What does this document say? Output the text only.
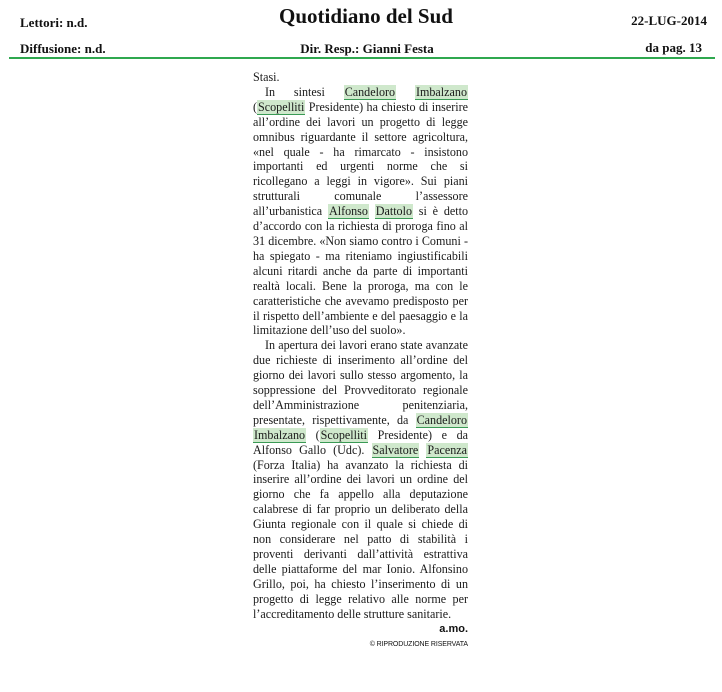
Lettori: n.d.
Diffusione: n.d.
Quotidiano del Sud
Dir. Resp.: Gianni Festa
22-LUG-2014
da pag. 13

Stasi.

In sintesi Candeloro Imbalzano (Scopelliti Presidente) ha chiesto di inserire all’ordine dei lavori un progetto di legge omnibus riguardante il settore agricoltura, «nel quale - ha rimarcato - insistono importanti ed urgenti norme che si ricollegano a leggi in vigore». Sui piani strutturali comunale l’assessore all’urbanistica Alfonso Dattolo si è detto d’accordo con la richiesta di proroga fino al 31 dicembre. «Non siamo contro i Comuni - ha spiegato - ma riteniamo ingiustificabili alcuni ritardi anche da parte di importanti realtà locali. Bene la proroga, ma con le caratteristiche che avevamo predisposto per il rispetto dell’ambiente e del paesaggio e la limitazione dell’uso del suolo».

In apertura dei lavori erano state avanzate due richieste di inserimento all’ordine del giorno dei lavori sullo stesso argomento, la soppressione del Provveditorato regionale dell’Amministrazione penitenziaria, presentate, rispettivamente, da Candeloro Imbalzano (Scopelliti Presidente) e da Alfonso Gallo (Udc). Salvatore Pacenza (Forza Italia) ha avanzato la richiesta di inserire all’ordine dei lavori un ordine del giorno che fa appello alla deputazione calabrese di far proprio un deliberato della Giunta regionale con il quale si chiede di non considerare nel patto di stabilità i proventi derivanti dall’attività estrattiva delle piattaforme del mar Ionio. Alfonsino Grillo, poi, ha chiesto l’inserimento di un progetto di legge relativo alle norme per l’accreditamento delle strutture sanitarie.

a.mo.
© RIPRODUZIONE RISERVATA
